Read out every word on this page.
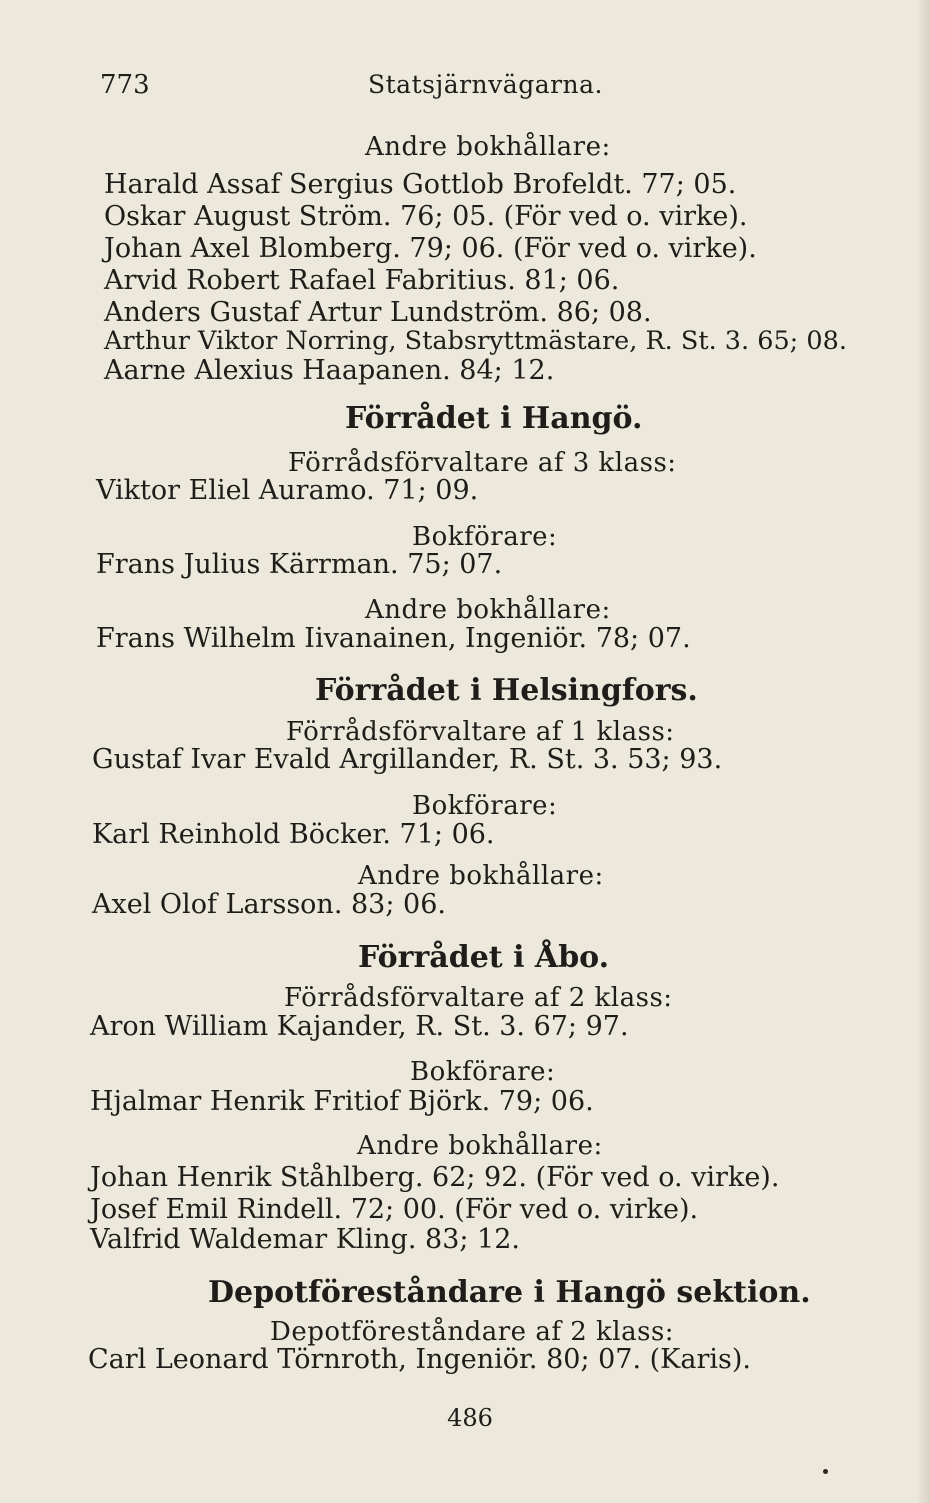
773	Statsjärnvägarna.
Andre bokhållare:
Harald Assaf Sergius Gottlob Brofeldt. 77; 05.
Oskar August Ström. 76; 05. (För ved o. virke).
Johan Axel Blomberg. 79; 06. (För ved o. virke).
Arvid Robert Rafael Fabritius. 81; 06.
Anders Gustaf Artur Lundström. 86; 08.
Arthur Viktor Norring, Stabsryttmästare, R. St. 3. 65; 08.
Aarne Alexius Haapanen. 84; 12.
Förrådet i Hangö.
Förrådsförvaltare af 3 klass:
Viktor Eliel Auramo. 71; 09.
Bokförare:
Frans Julius Kärrman. 75; 07.
Andre bokhållare:
Frans Wilhelm Iivanainen, Ingeniör. 78; 07.
Förrådet i Helsingfors.
Förrådsförvaltare af 1 klass:
Gustaf Ivar Evald Argillander, R. St. 3. 53; 93.
Bokförare:
Karl Reinhold Böcker. 71; 06.
Andre bokhållare:
Axel Olof Larsson. 83; 06.
Förrådet i Åbo.
Förrådsförvaltare af 2 klass:
Aron William Kajander, R. St. 3. 67; 97.
Bokförare:
Hjalmar Henrik Fritiof Björk. 79; 06.
Andre bokhållare:
Johan Henrik Ståhlberg. 62; 92. (För ved o. virke).
Josef Emil Rindell. 72; 00. (För ved o. virke).
Valfrid Waldemar Kling. 83; 12.
Depotföreståndare i Hangö sektion.
Depotföreståndare af 2 klass:
Carl Leonard Törnroth, Ingeniör. 80; 07. (Karis).
486
